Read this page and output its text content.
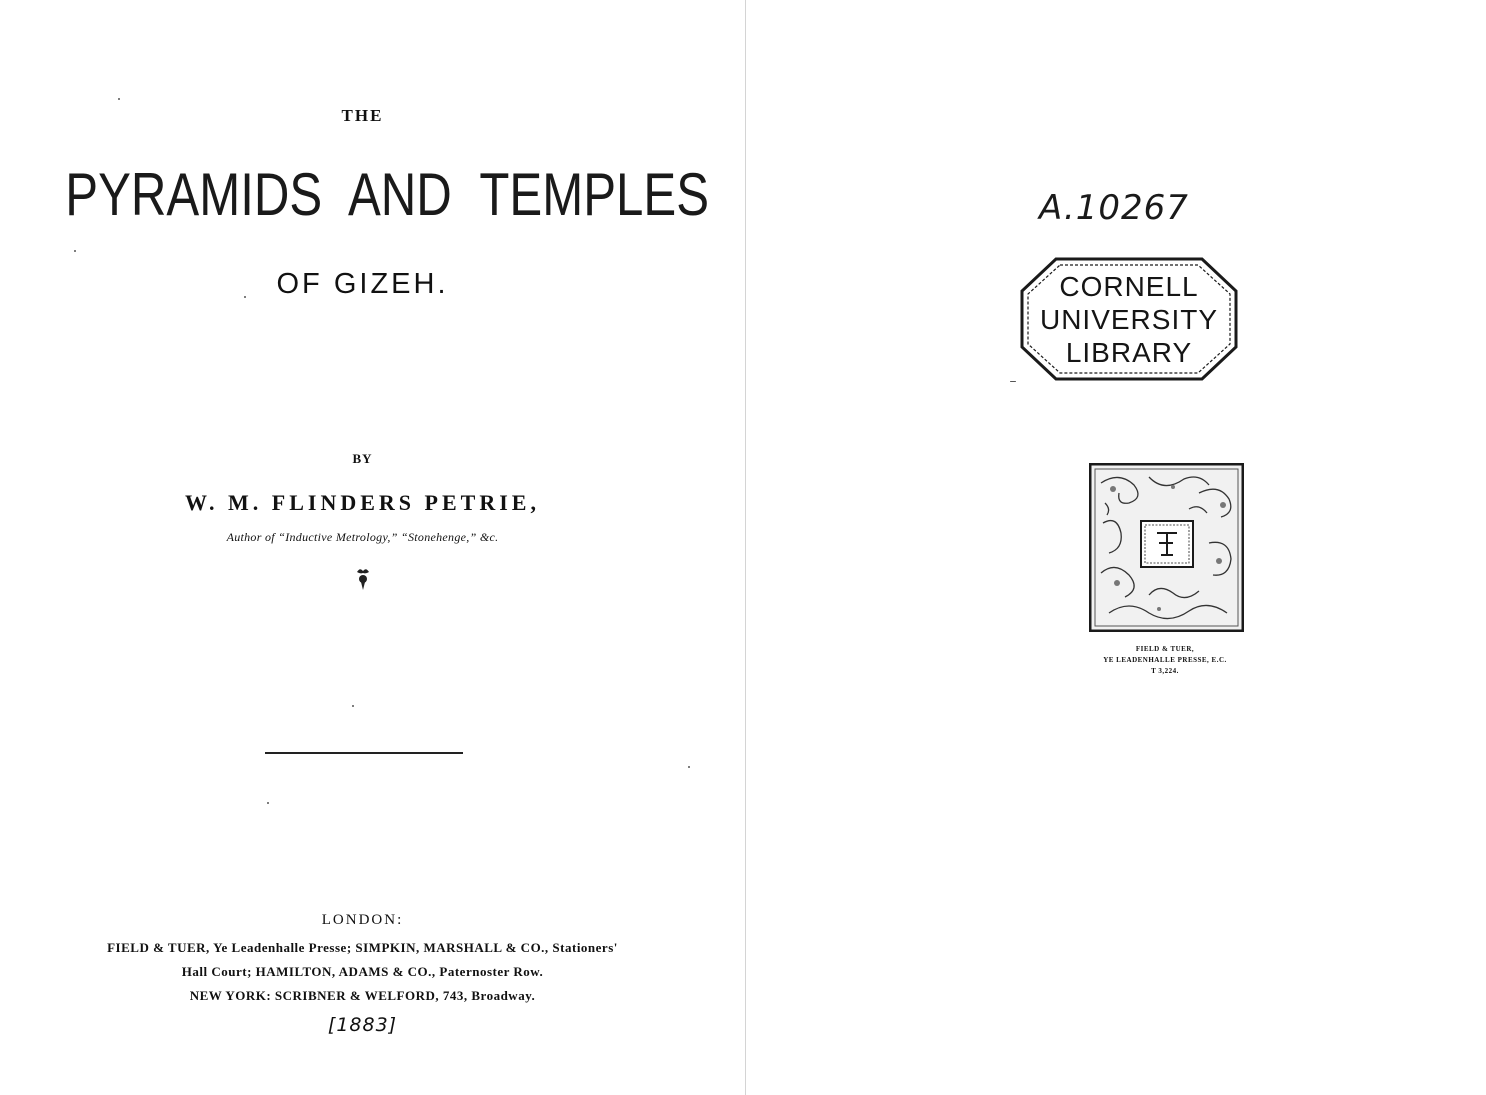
THE
PYRAMIDS AND TEMPLES
OF GIZEH.
BY
W. M. FLINDERS PETRIE,
Author of “Inductive Metrology,” “Stonehenge,” &c.
LONDON:
FIELD & TUER, Ye Leadenhalle Presse; SIMPKIN, MARSHALL & CO., Stationers'
Hall Court; HAMILTON, ADAMS & CO., Paternoster Row.
NEW YORK: SCRIBNER & WELFORD, 743, Broadway.
[1883]
A.10267
CORNELL
UNIVERSITY
LIBRARY
FIELD & TUER,
YE LEADENHALLE PRESSE, E.C.
T 3,224.
